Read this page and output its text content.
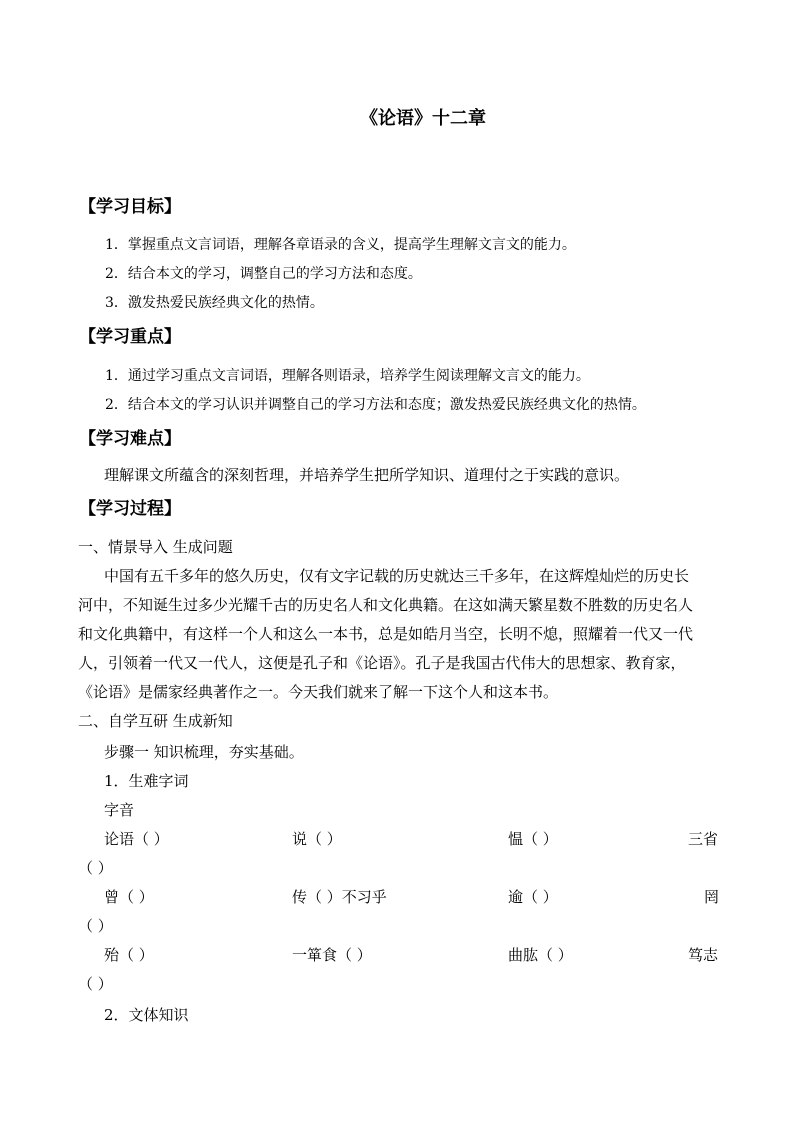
《论语》十二章
【学习目标】
1．掌握重点文言词语，理解各章语录的含义，提高学生理解文言文的能力。
2．结合本文的学习，调整自己的学习方法和态度。
3．激发热爱民族经典文化的热情。
【学习重点】
1．通过学习重点文言词语，理解各则语录，培养学生阅读理解文言文的能力。
2．结合本文的学习认识并调整自己的学习方法和态度；激发热爱民族经典文化的热情。
【学习难点】
理解课文所蕴含的深刻哲理，并培养学生把所学知识、道理付之于实践的意识。
【学习过程】
一、情景导入 生成问题
中国有五千多年的悠久历史，仅有文字记载的历史就达三千多年，在这辉煌灿烂的历史长
河中，不知诞生过多少光耀千古的历史名人和文化典籍。在这如满天繁星数不胜数的历史名人
和文化典籍中，有这样一个人和这么一本书，总是如皓月当空，长明不熄，照耀着一代又一代
人，引领着一代又一代人，这便是孔子和《论语》。孔子是我国古代伟大的思想家、教育家，
《论语》是儒家经典著作之一。今天我们就来了解一下这个人和这本书。
二、自学互研 生成新知
步骤一 知识梳理，夯实基础。
1．生难字词
字音
论语（ ）	说（ ）	愠（ ）	三省
（ ）
曾（ ）	传（ ）不习乎	逾（ ）	罔
（ ）
殆（ ）	一箪食（ ）	曲肱（ ）	笃志
（ ）
2．文体知识
